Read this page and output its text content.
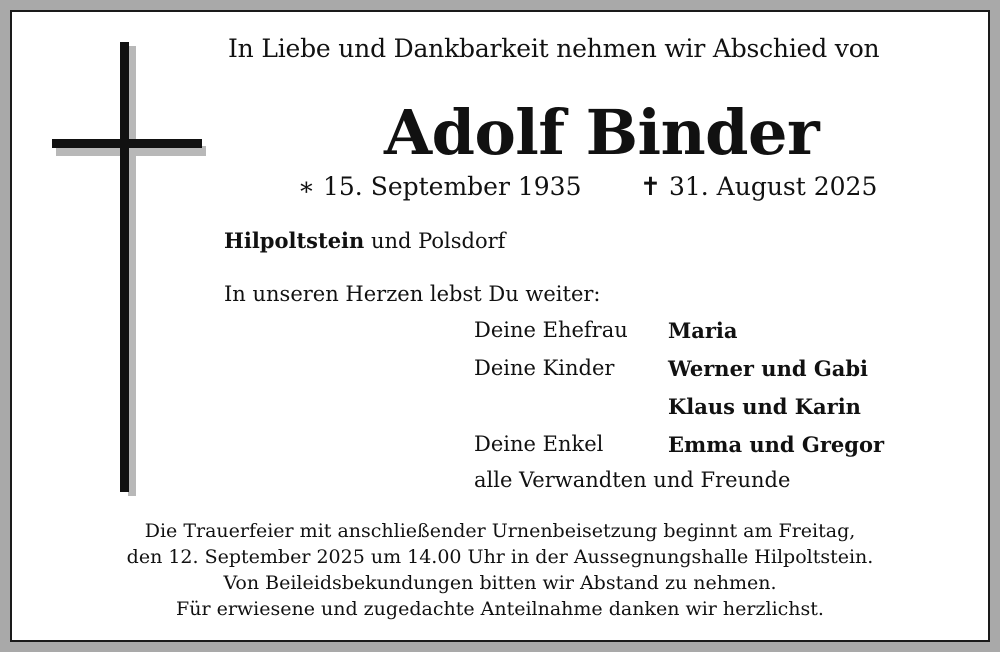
In Liebe und Dankbarkeit nehmen wir Abschied von
Adolf Binder
∗ 15. September 1935 ✝ 31. August 2025
Hilpoltstein und Polsdorf
In unseren Herzen lebst Du weiter:
Deine Ehefrau Maria
Deine Kinder	Werner und Gabi
Klaus und Karin
Deine Enkel	Emma und Gregor
alle Verwandten und Freunde
Die Trauerfeier mit anschließender Urnenbeisetzung beginnt am Freitag,
den 12. September 2025 um 14.00 Uhr in der Aussegnungshalle Hilpoltstein.
Von Beileidsbekundungen bitten wir Abstand zu nehmen.
Für erwiesene und zugedachte Anteilnahme danken wir herzlichst.
